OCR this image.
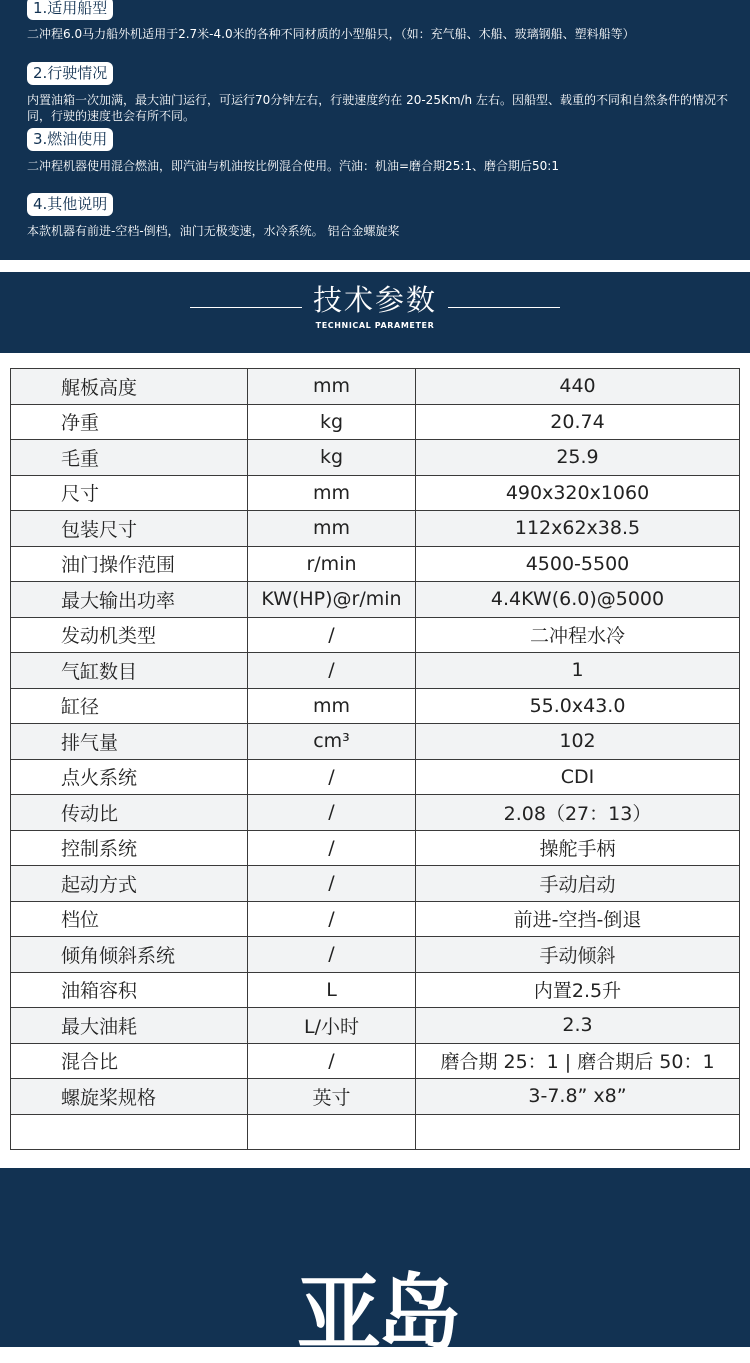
1.适用船型
二冲程6.0马力船外机适用于2.7米-4.0米的各种不同材质的小型船只，（如：充气船、木船、玻璃钢船、塑料船等）
2.行驶情况
内置油箱一次加满，最大油门运行，可运行70分钟左右，行驶速度约在 20-25Km/h 左右。因船型、载重的不同和自然条件的情况不同，行驶的速度也会有所不同。
3.燃油使用
二冲程机器使用混合燃油，即汽油与机油按比例混合使用。汽油：机油=磨合期25:1、磨合期后50:1
4.其他说明
本款机器有前进-空档-倒档，油门无极变速，水冷系统。 铝合金螺旋桨
技术参数
TECHNICAL PARAMETER
艉板高度	mm	440
净重	kg	20.74
毛重	kg	25.9
尺寸	mm	490x320x1060
包装尺寸	mm	112x62x38.5
油门操作范围	r/min	4500-5500
最大输出功率	KW(HP)@r/min	4.4KW(6.0)@5000
发动机类型	/	二冲程水冷
气缸数目	/	1
缸径	mm	55.0x43.0
排气量	cm³	102
点火系统	/	CDI
传动比	/	2.08（27：13）
控制系统	/	操舵手柄
起动方式	/	手动启动
档位	/	前进-空挡-倒退
倾角倾斜系统	/	手动倾斜
油箱容积	L	内置2.5升
最大油耗	L/小时	2.3
混合比	/	磨合期 25：1 | 磨合期后 50：1
螺旋桨规格	英寸	3-7.8” x8”

亚岛
